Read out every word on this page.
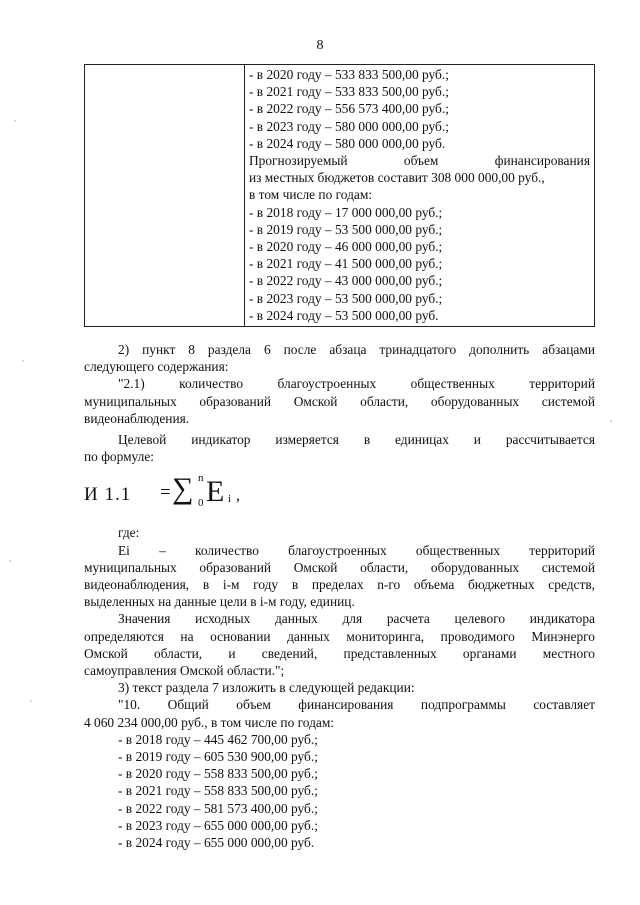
8

- в 2020 году – 533 833 500,00 руб.;
- в 2021 году – 533 833 500,00 руб.;
- в 2022 году – 556 573 400,00 руб.;
- в 2023 году – 580 000 000,00 руб.;
- в 2024 году – 580 000 000,00 руб.
Прогнозируемый объем финансирования
из местных бюджетов составит 308 000 000,00 руб.,
в том числе по годам:
- в 2018 году – 17 000 000,00 руб.;
- в 2019 году – 53 500 000,00 руб.;
- в 2020 году – 46 000 000,00 руб.;
- в 2021 году – 41 500 000,00 руб.;
- в 2022 году – 43 000 000,00 руб.;
- в 2023 году – 53 500 000,00 руб.;
- в 2024 году – 53 500 000,00 руб.

2) пункт 8 раздела 6 после абзаца тринадцатого дополнить абзацами

следующего содержания:

"2.1) количество благоустроенных общественных территорий

муниципальных образований Омской области, оборудованных системой

видеонаблюдения.

Целевой индикатор измеряется в единицах и рассчитывается

по формуле:

И 1.1 = ∑ n
0 E i ,

где:

Ei – количество благоустроенных общественных территорий

муниципальных образований Омской области, оборудованных системой

видеонаблюдения, в i-м году в пределах n-го объема бюджетных средств,

выделенных на данные цели в i-м году, единиц.

Значения исходных данных для расчета целевого индикатора

определяются на основании данных мониторинга, проводимого Минэнерго

Омской области, и сведений, представленных органами местного

самоуправления Омской области.";

3) текст раздела 7 изложить в следующей редакции:

"10. Общий объем финансирования подпрограммы составляет

4 060 234 000,00 руб., в том числе по годам:

- в 2018 году – 445 462 700,00 руб.;
- в 2019 году – 605 530 900,00 руб.;
- в 2020 году – 558 833 500,00 руб.;
- в 2021 году – 558 833 500,00 руб.;
- в 2022 году – 581 573 400,00 руб.;
- в 2023 году – 655 000 000,00 руб.;
- в 2024 году – 655 000 000,00 руб.
